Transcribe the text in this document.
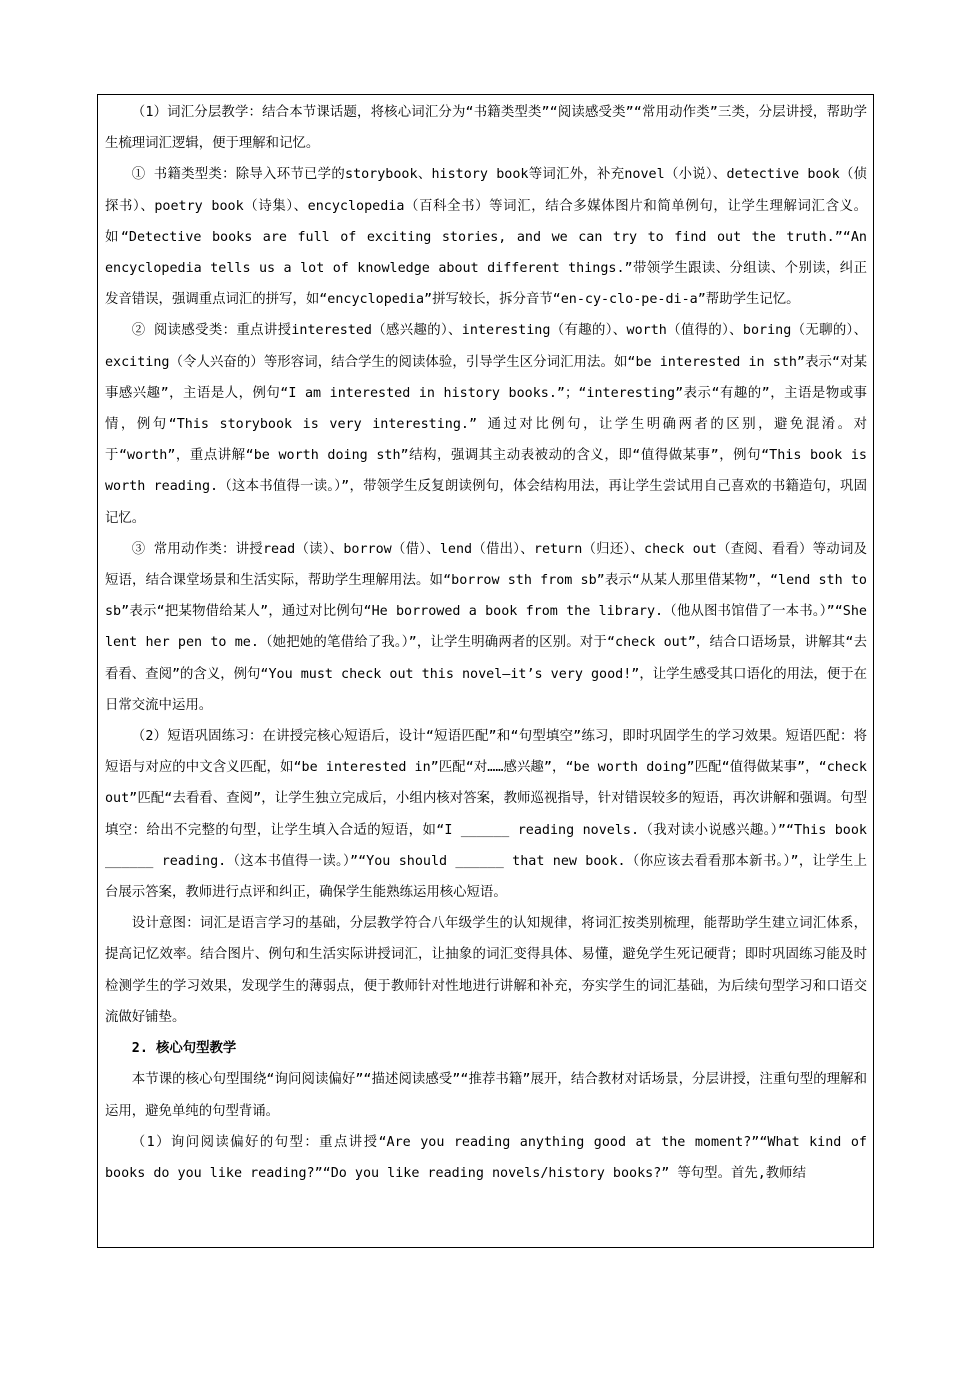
（1）词汇分层教学：结合本节课话题，将核心词汇分为“书籍类型类”“阅读感受类”“常用动作类”三类，分层讲授，帮助学生梳理词汇逻辑，便于理解和记忆。

① 书籍类型类：除导入环节已学的storybook、history book等词汇外，补充novel（小说）、detective book（侦探书）、poetry book（诗集）、encyclopedia（百科全书）等词汇，结合多媒体图片和简单例句，让学生理解词汇含义。如“Detective books are full of exciting stories, and we can try to find out the truth.”“An encyclopedia tells us a lot of knowledge about different things.”带领学生跟读、分组读、个别读，纠正发音错误，强调重点词汇的拼写，如“encyclopedia”拼写较长，拆分音节“en-cy-clo-pe-di-a”帮助学生记忆。

② 阅读感受类：重点讲授interested（感兴趣的）、interesting（有趣的）、worth（值得的）、boring（无聊的）、exciting（令人兴奋的）等形容词，结合学生的阅读体验，引导学生区分词汇用法。如“be interested in sth”表示“对某事感兴趣”，主语是人，例句“I am interested in history books.”；“interesting”表示“有趣的”，主语是物或事情，例句“This storybook is very interesting.” 通过对比例句，让学生明确两者的区别，避免混淆。对于“worth”，重点讲解“be worth doing sth”结构，强调其主动表被动的含义，即“值得做某事”，例句“This book is worth reading.（这本书值得一读。）”，带领学生反复朗读例句，体会结构用法，再让学生尝试用自己喜欢的书籍造句，巩固记忆。

③ 常用动作类：讲授read（读）、borrow（借）、lend（借出）、return（归还）、check out（查阅、看看）等动词及短语，结合课堂场景和生活实际，帮助学生理解用法。如“borrow sth from sb”表示“从某人那里借某物”，“lend sth to sb”表示“把某物借给某人”，通过对比例句“He borrowed a book from the library.（他从图书馆借了一本书。）”“She lent her pen to me.（她把她的笔借给了我。）”，让学生明确两者的区别。对于“check out”，结合口语场景，讲解其“去看看、查阅”的含义，例句“You must check out this novel—it’s very good!”，让学生感受其口语化的用法，便于在日常交流中运用。

（2）短语巩固练习：在讲授完核心短语后，设计“短语匹配”和“句型填空”练习，即时巩固学生的学习效果。短语匹配：将短语与对应的中文含义匹配，如“be interested in”匹配“对……感兴趣”，“be worth doing”匹配“值得做某事”，“check out”匹配“去看看、查阅”，让学生独立完成后，小组内核对答案，教师巡视指导，针对错误较多的短语，再次讲解和强调。句型填空：给出不完整的句型，让学生填入合适的短语，如“I ______ reading novels.（我对读小说感兴趣。）”“This book ______ reading.（这本书值得一读。）”“You should ______ that new book.（你应该去看看那本新书。）”，让学生上台展示答案，教师进行点评和纠正，确保学生能熟练运用核心短语。

设计意图：词汇是语言学习的基础，分层教学符合八年级学生的认知规律，将词汇按类别梳理，能帮助学生建立词汇体系，提高记忆效率。结合图片、例句和生活实际讲授词汇，让抽象的词汇变得具体、易懂，避免学生死记硬背；即时巩固练习能及时检测学生的学习效果，发现学生的薄弱点，便于教师针对性地进行讲解和补充，夯实学生的词汇基础，为后续句型学习和口语交流做好铺垫。

2. 核心句型教学

本节课的核心句型围绕“询问阅读偏好”“描述阅读感受”“推荐书籍”展开，结合教材对话场景，分层讲授，注重句型的理解和运用，避免单纯的句型背诵。

（1）询问阅读偏好的句型：重点讲授“Are you reading anything good at the moment?”“What kind of books do you like reading?”“Do you like reading novels/history books?” 等句型。首先,教师结
